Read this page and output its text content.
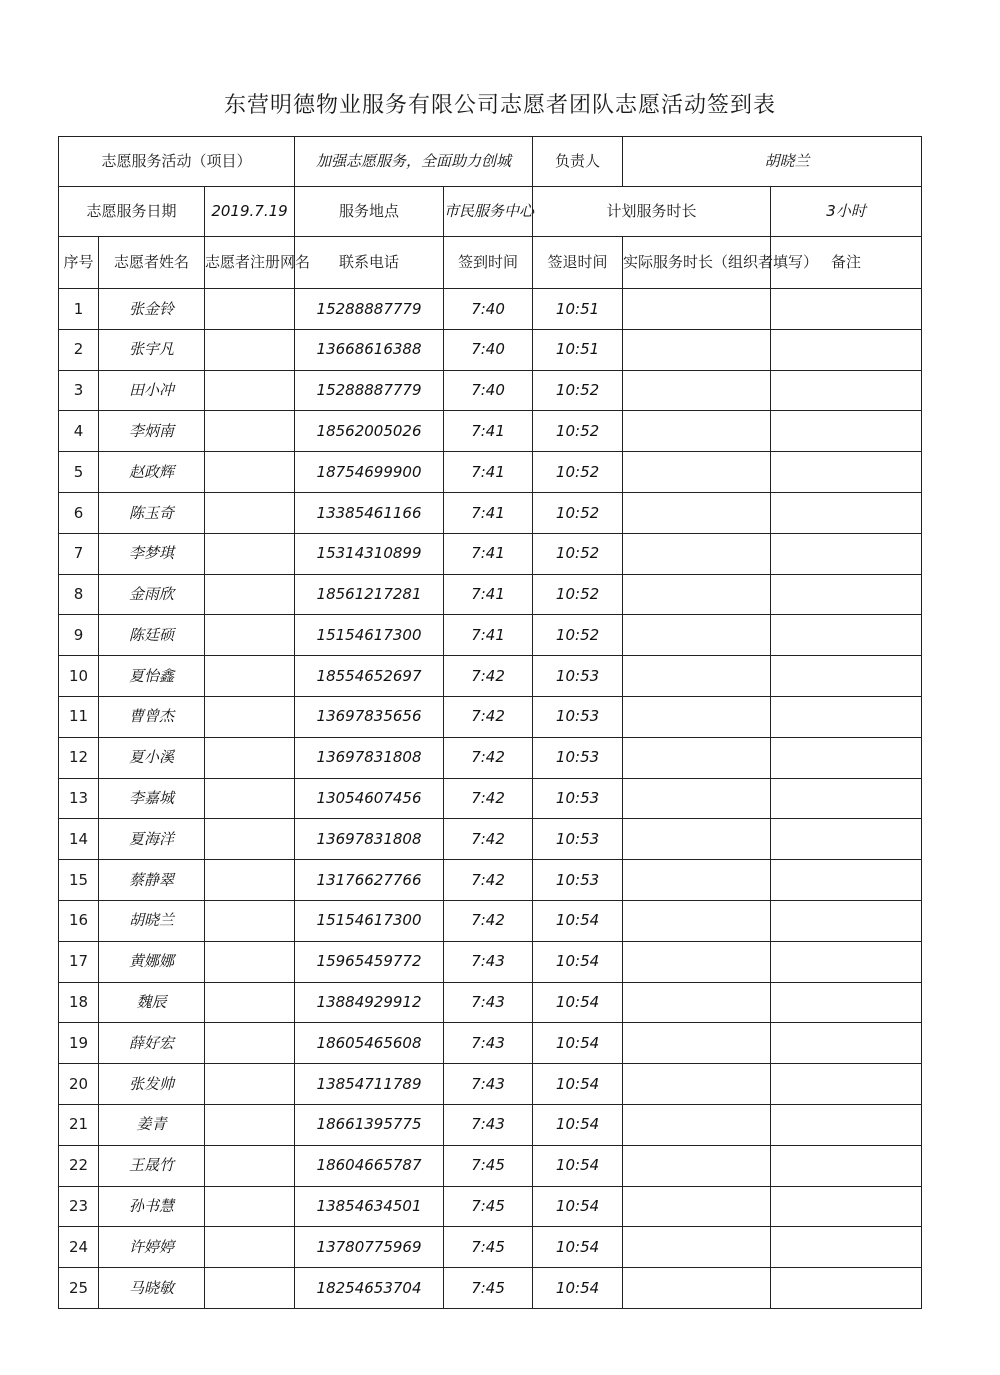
东营明德物业服务有限公司志愿者团队志愿活动签到表
志愿服务活动（项目）			加强志愿服务，全面助力创城		负责人	胡晓兰	
志愿服务日期		2019.7.19	服务地点	市民服务中心	计划服务时长		3小时
序号	志愿者姓名	志愿者注册网名	联系电话	签到时间	签退时间	实际服务时长（组织者填写）	备注
1	张金铃		15288887779	7:40	10:51		
2	张宇凡		13668616388	7:40	10:51		
3	田小冲		15288887779	7:40	10:52		
4	李炳南		18562005026	7:41	10:52		
5	赵政辉		18754699900	7:41	10:52		
6	陈玉奇		13385461166	7:41	10:52		
7	李梦琪		15314310899	7:41	10:52		
8	金雨欣		18561217281	7:41	10:52		
9	陈廷硕		15154617300	7:41	10:52		
10	夏怡鑫		18554652697	7:42	10:53		
11	曹曾杰		13697835656	7:42	10:53		
12	夏小溪		13697831808	7:42	10:53		
13	李嘉城		13054607456	7:42	10:53		
14	夏海洋		13697831808	7:42	10:53		
15	蔡静翠		13176627766	7:42	10:53		
16	胡晓兰		15154617300	7:42	10:54		
17	黄娜娜		15965459772	7:43	10:54		
18	魏辰		13884929912	7:43	10:54		
19	薛好宏		18605465608	7:43	10:54		
20	张发帅		13854711789	7:43	10:54		
21	姜青		18661395775	7:43	10:54		
22	王晟竹		18604665787	7:45	10:54		
23	孙书慧		13854634501	7:45	10:54		
24	许婷婷		13780775969	7:45	10:54		
25	马晓敏		18254653704	7:45	10:54		
